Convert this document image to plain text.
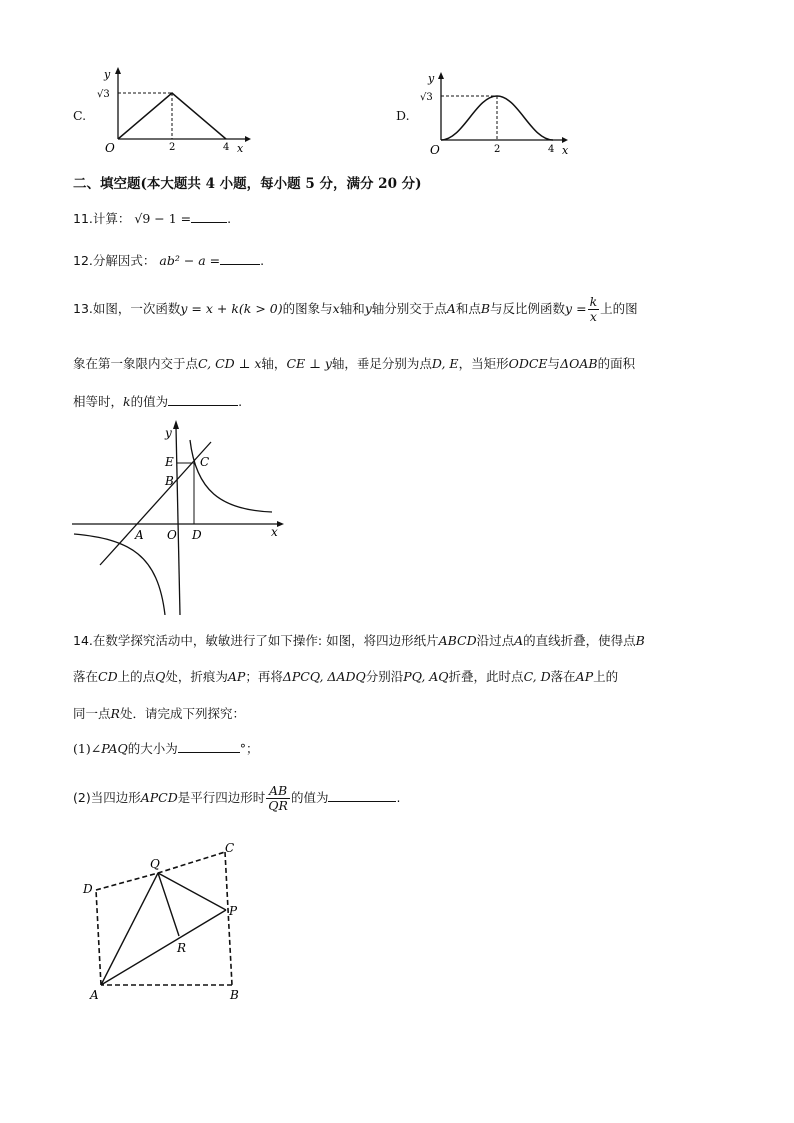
C.
y
√3
O	2	4 x
D.
y
√3
O	2	4 x
二、填空题(本大题共 4 小题，每小题 5 分，满分 20 分)
11.计算： √9 − 1 =	.
12.分解因式： ab² − a =	.
13.如图，一次函数y = x + k(k > 0)的图象与x轴和y轴分别交于点A和点B与反比例函数$y = \frac{k}{x}$ 上的图
象在第一象限内交于点C, CD ⊥ x轴，CE ⊥ y轴，垂足分别为点D, E，当矩形ODCE与ΔOAB的面积
相等时，k的值为	.
y
E C
B
A O D	x
14.在数学探究活动中，敏敏进行了如下操作: 如图，将四边形纸片ABCD沿过点A的直线折叠，使得点B
落在CD上的点Q处，折痕为AP；再将ΔPCQ, ΔADQ分别沿PQ, AQ折叠，此时点C, D落在AP上的
同一点R处．请完成下列探究：
(1)∠PAQ的大小为	°；
(2)当四边形APCD是平行四边形时 $\frac{AB}{QR}$ 的值为	.
Q
C
D
P
R
A	B
